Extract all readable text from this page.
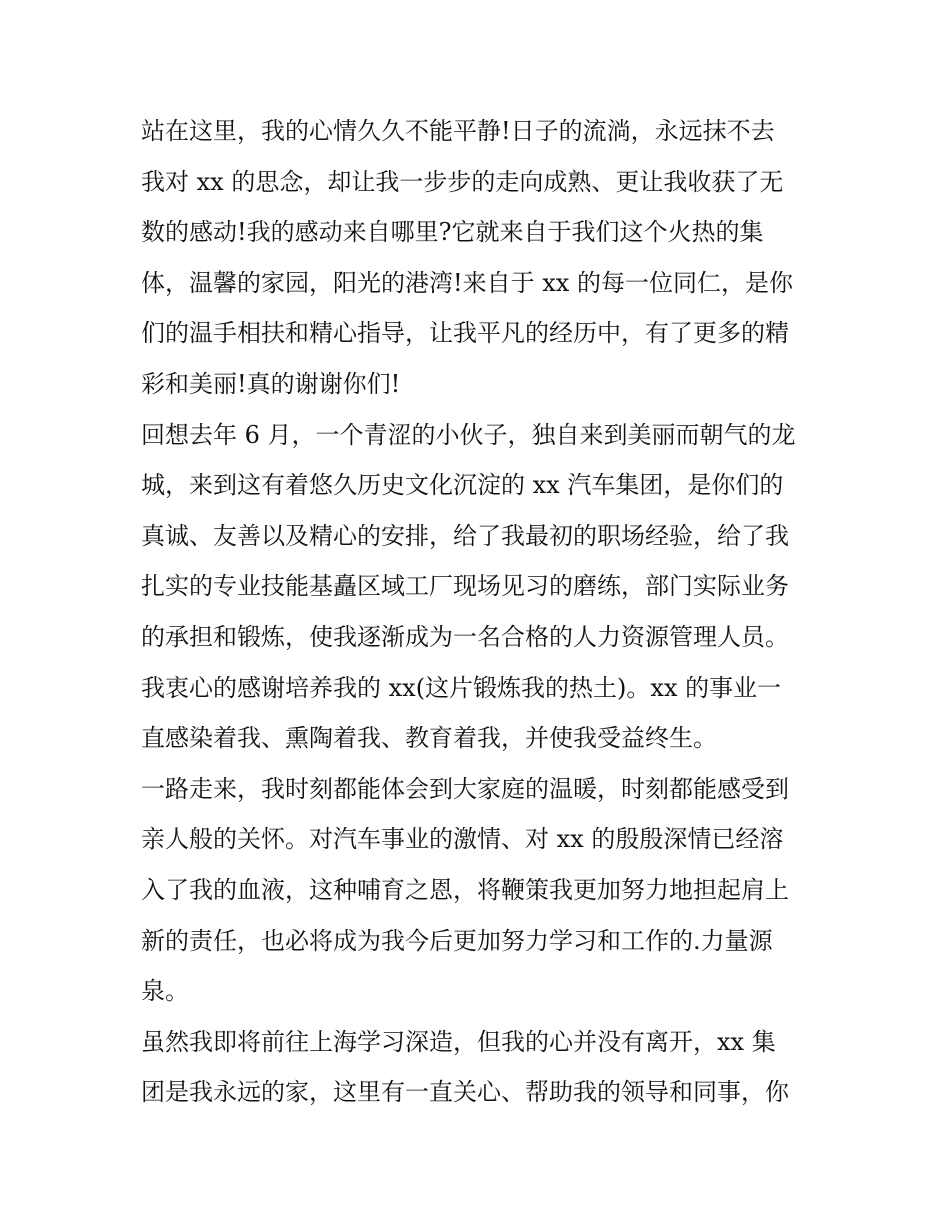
站在这里，我的心情久久不能平静!日子的流淌，永远抹不去
我对 xx 的思念，却让我一步步的走向成熟、更让我收获了无
数的感动!我的感动来自哪里?它就来自于我们这个火热的集
体，温馨的家园，阳光的港湾!来自于 xx 的每一位同仁，是你
们的温手相扶和精心指导，让我平凡的经历中，有了更多的精
彩和美丽!真的谢谢你们!

回想去年 6 月，一个青涩的小伙子，独自来到美丽而朝气的龙
城，来到这有着悠久历史文化沉淀的 xx 汽车集团，是你们的
真诚、友善以及精心的安排，给了我最初的职场经验，给了我
扎实的专业技能基矗区域工厂现场见习的磨练，部门实际业务
的承担和锻炼，使我逐渐成为一名合格的人力资源管理人员。
我衷心的感谢培养我的 xx(这片锻炼我的热土)。xx 的事业一
直感染着我、熏陶着我、教育着我，并使我受益终生。

一路走来，我时刻都能体会到大家庭的温暖，时刻都能感受到
亲人般的关怀。对汽车事业的激情、对 xx 的殷殷深情已经溶
入了我的血液，这种哺育之恩，将鞭策我更加努力地担起肩上
新的责任，也必将成为我今后更加努力学习和工作的.力量源
泉。

虽然我即将前往上海学习深造，但我的心并没有离开，xx 集
团是我永远的家，这里有一直关心、帮助我的领导和同事，你
